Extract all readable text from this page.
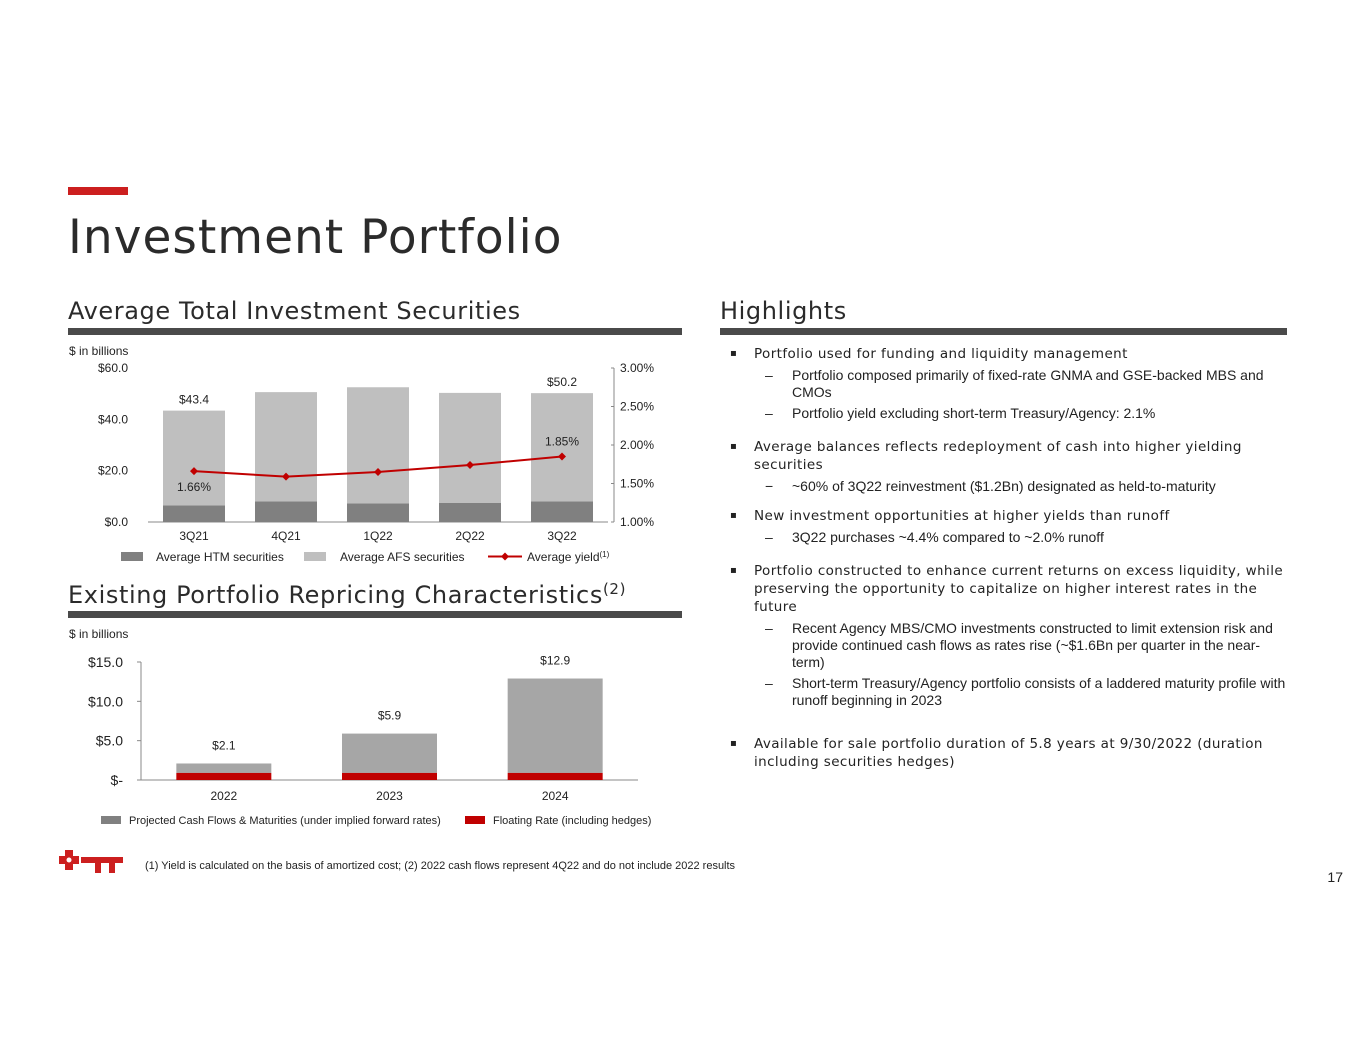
Investment Portfolio
Average Total Investment Securities
$ in billions
$0.0
$20.0
$40.0
$60.0
1.00%
1.50%
2.00%
2.50%
3.00%
3Q21	4Q21	1Q22	2Q22	3Q22
$43.4
$50.2
1.66%
1.85%
Average HTM securities	Average AFS securities	Average yield$^{(1)}$
Existing Portfolio Repricing Characteristics$^{(2)}$
$ in billions
$-
$5.0
$10.0
$15.0
2022
$2.1
2023
$5.9
2024
$12.9
Projected Cash Flows & Maturities (under implied forward rates)	Floating Rate (including hedges)
Highlights
▪ Portfolio used for funding and liquidity management
– Portfolio composed primarily of fixed-rate GNMA and GSE-backed MBS and CMOs
– Portfolio yield excluding short-term Treasury/Agency: 2.1%
▪ Average balances reflects redeployment of cash into higher yielding securities
− ~60% of 3Q22 reinvestment ($1.2Bn) designated as held-to-maturity
▪ New investment opportunities at higher yields than runoff
– 3Q22 purchases ~4.4% compared to ~2.0% runoff
▪ Portfolio constructed to enhance current returns on excess liquidity, while preserving the opportunity to capitalize on higher interest rates in the future
– Recent Agency MBS/CMO investments constructed to limit extension risk and provide continued cash flows as rates rise (~$1.6Bn per quarter in the near-term)
– Short-term Treasury/Agency portfolio consists of a laddered maturity profile with runoff beginning in 2023
▪ Available for sale portfolio duration of 5.8 years at 9/30/2022 (duration including securities hedges)
(1) Yield is calculated on the basis of amortized cost; (2) 2022 cash flows represent 4Q22 and do not include 2022 results
17
